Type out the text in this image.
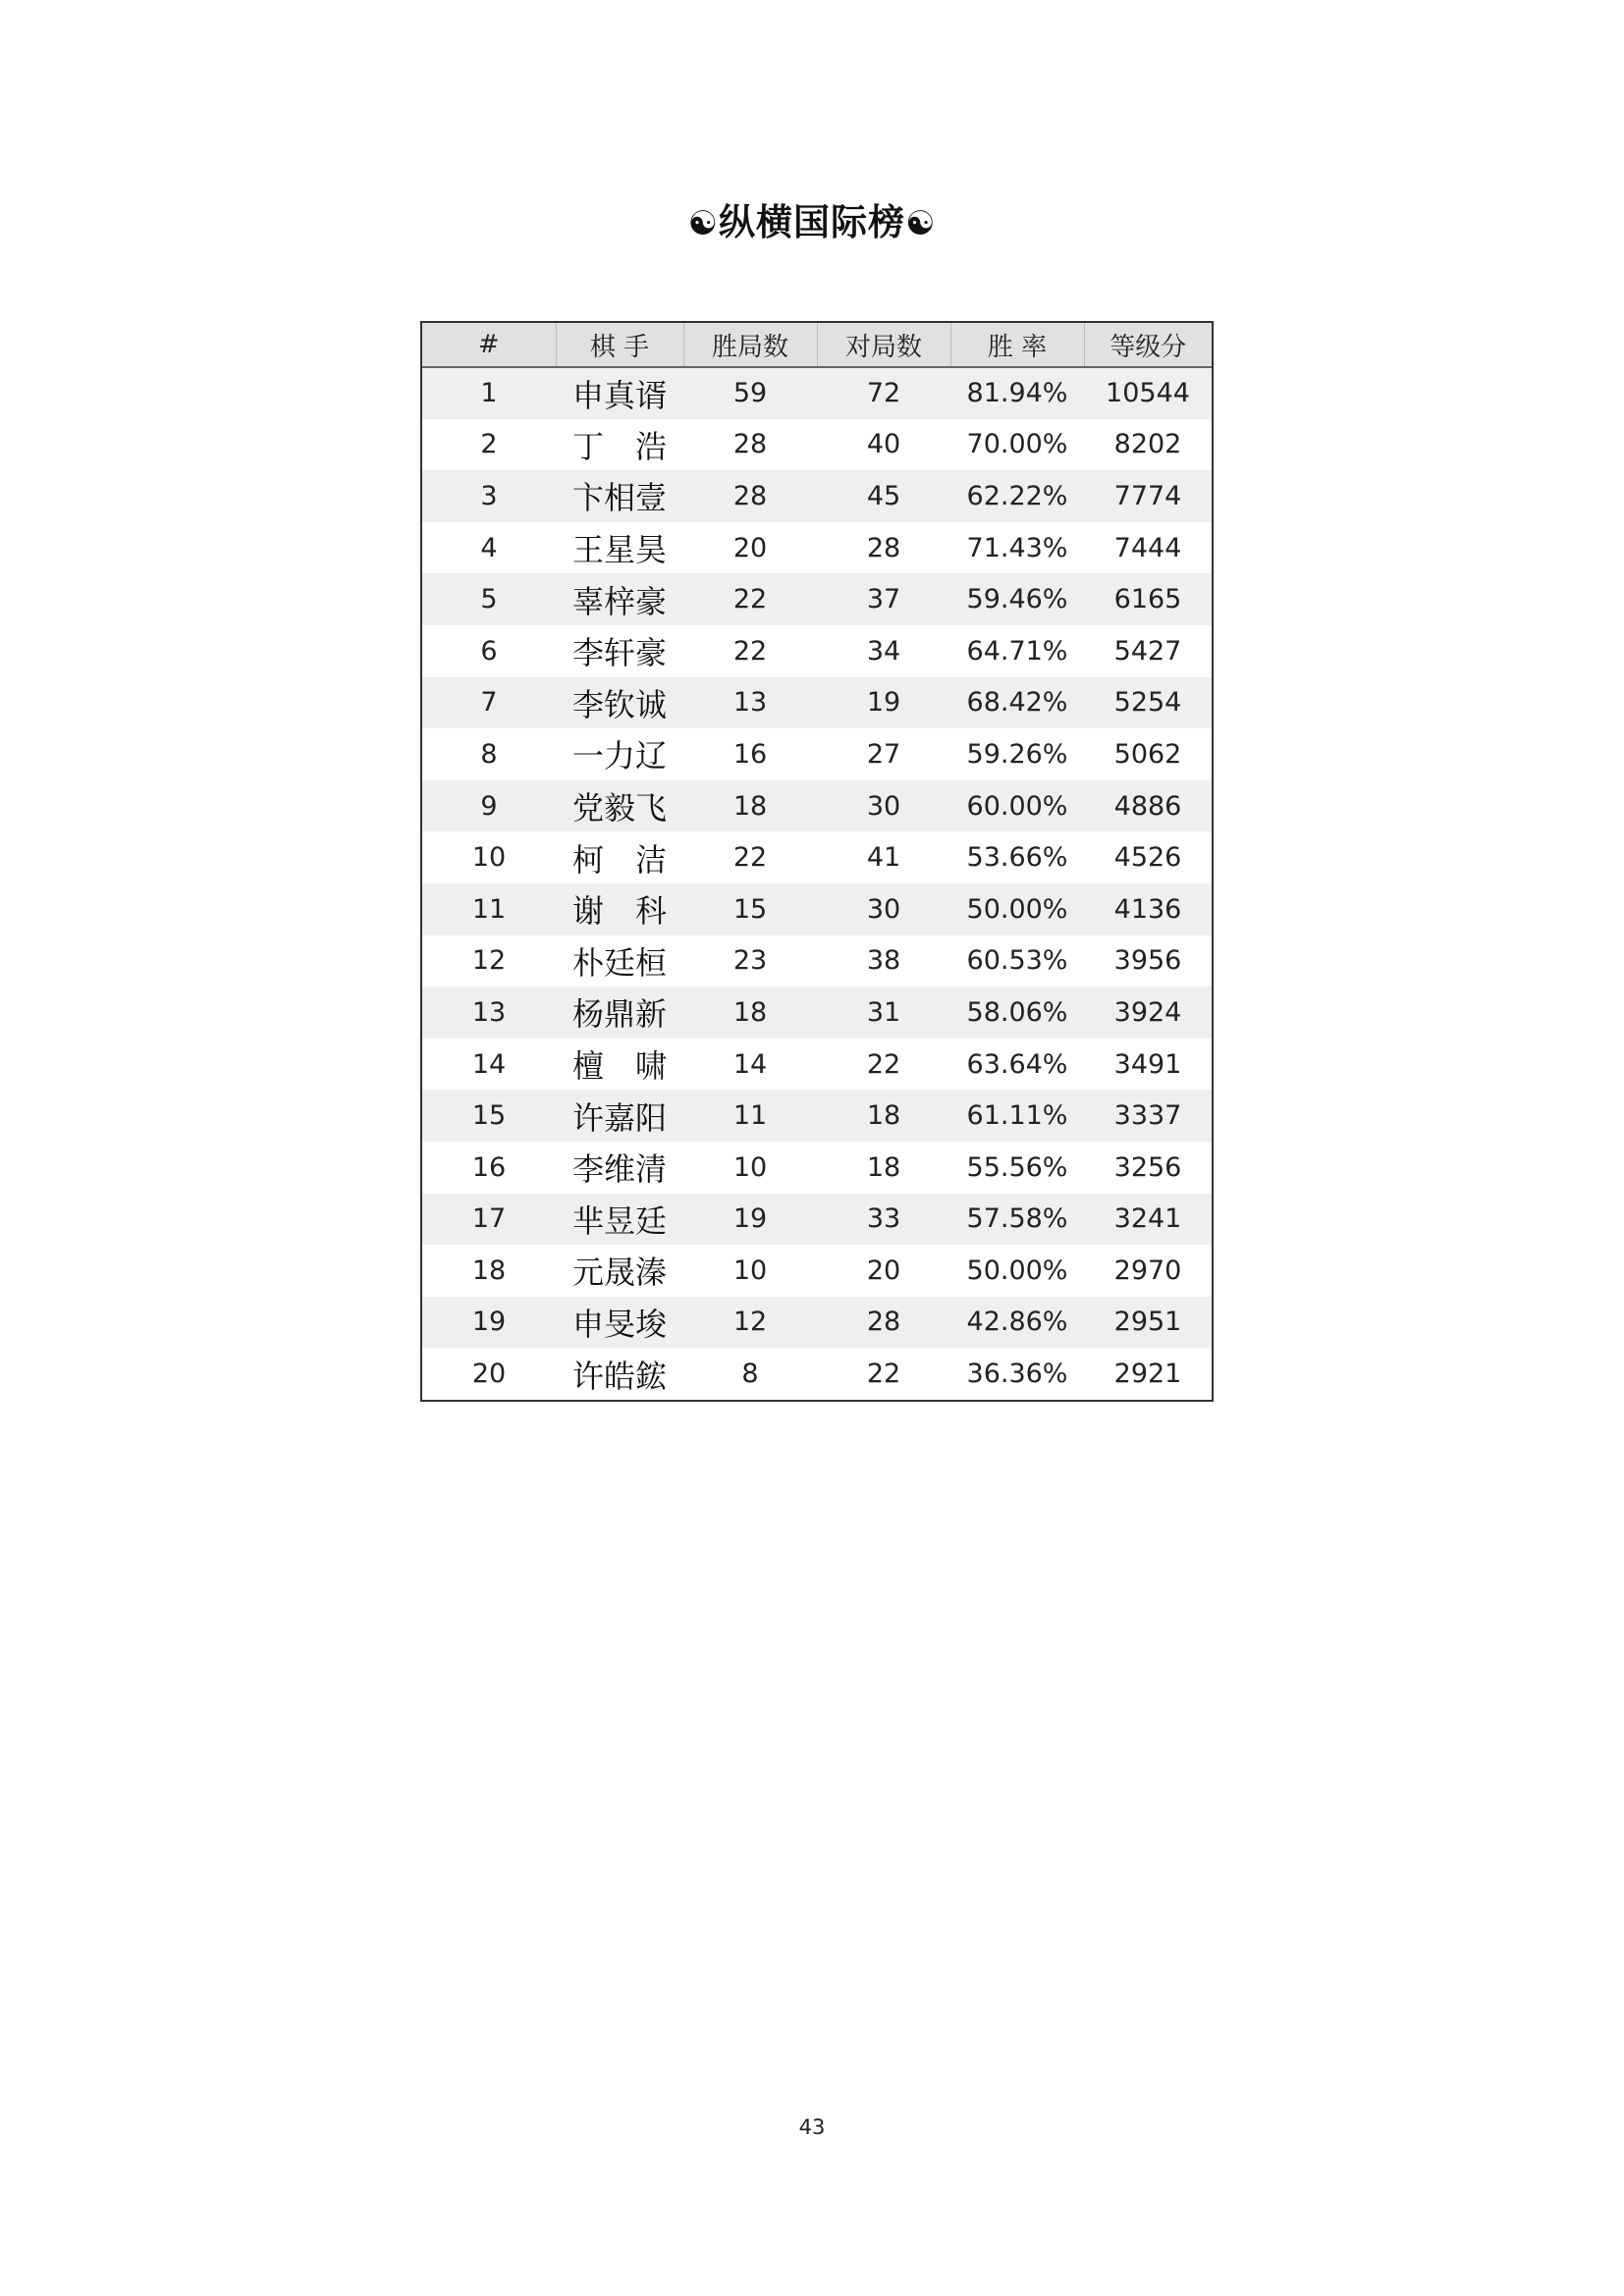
☯纵横国际榜☯
#	棋 手	胜局数	对局数	胜 率	等级分
1	申真谞	59	72	81.94%	10544
2	丁　浩	28	40	70.00%	8202
3	卞相壹	28	45	62.22%	7774
4	王星昊	20	28	71.43%	7444
5	辜梓豪	22	37	59.46%	6165
6	李轩豪	22	34	64.71%	5427
7	李钦诚	13	19	68.42%	5254
8	一力辽	16	27	59.26%	5062
9	党毅飞	18	30	60.00%	4886
10	柯　洁	22	41	53.66%	4526
11	谢　科	15	30	50.00%	4136
12	朴廷桓	23	38	60.53%	3956
13	杨鼎新	18	31	58.06%	3924
14	檀　啸	14	22	63.64%	3491
15	许嘉阳	11	18	61.11%	3337
16	李维清	10	18	55.56%	3256
17	芈昱廷	19	33	57.58%	3241
18	元晟溱	10	20	50.00%	2970
19	申旻埈	12	28	42.86%	2951
20	许皓鋐	8	22	36.36%	2921
43
